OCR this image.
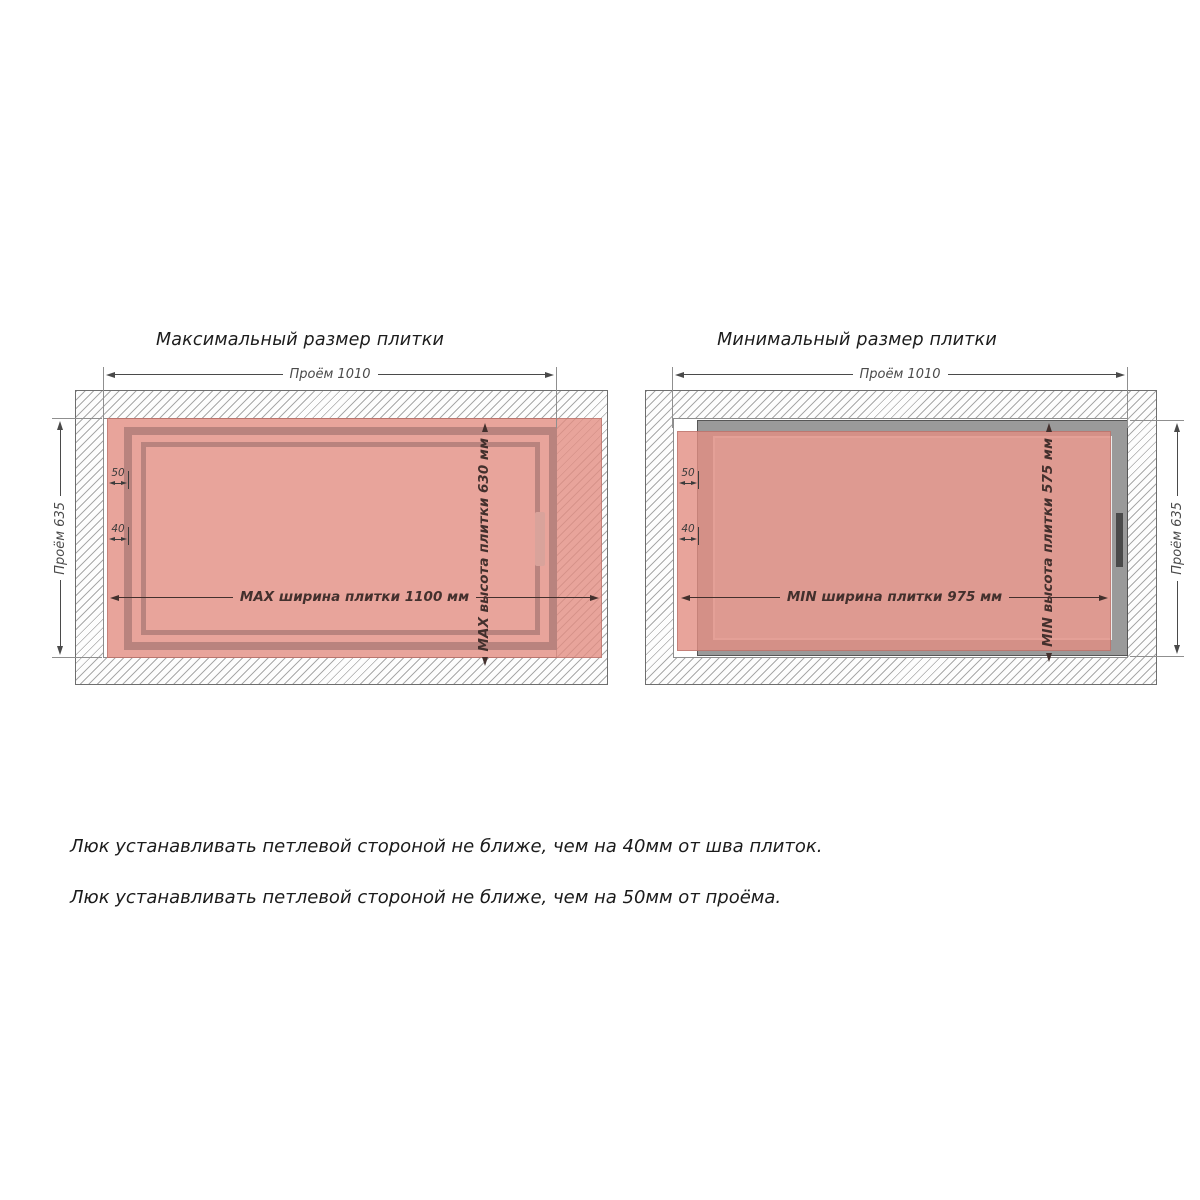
Максимальный размер плитки
Проём 1010
Проём 635
MAX ширина плитки 1100 мм MAX высота плитки 630 мм
50
40
Минимальный размер плитки
Проём 1010
Проём 635
MIN ширина плитки 975 мм	MIN высота плитки 575 мм
50
40
Люк устанавливать петлевой стороной не ближе, чем на 40мм от шва плиток.
Люк устанавливать петлевой стороной не ближе, чем на 50мм от проёма.
